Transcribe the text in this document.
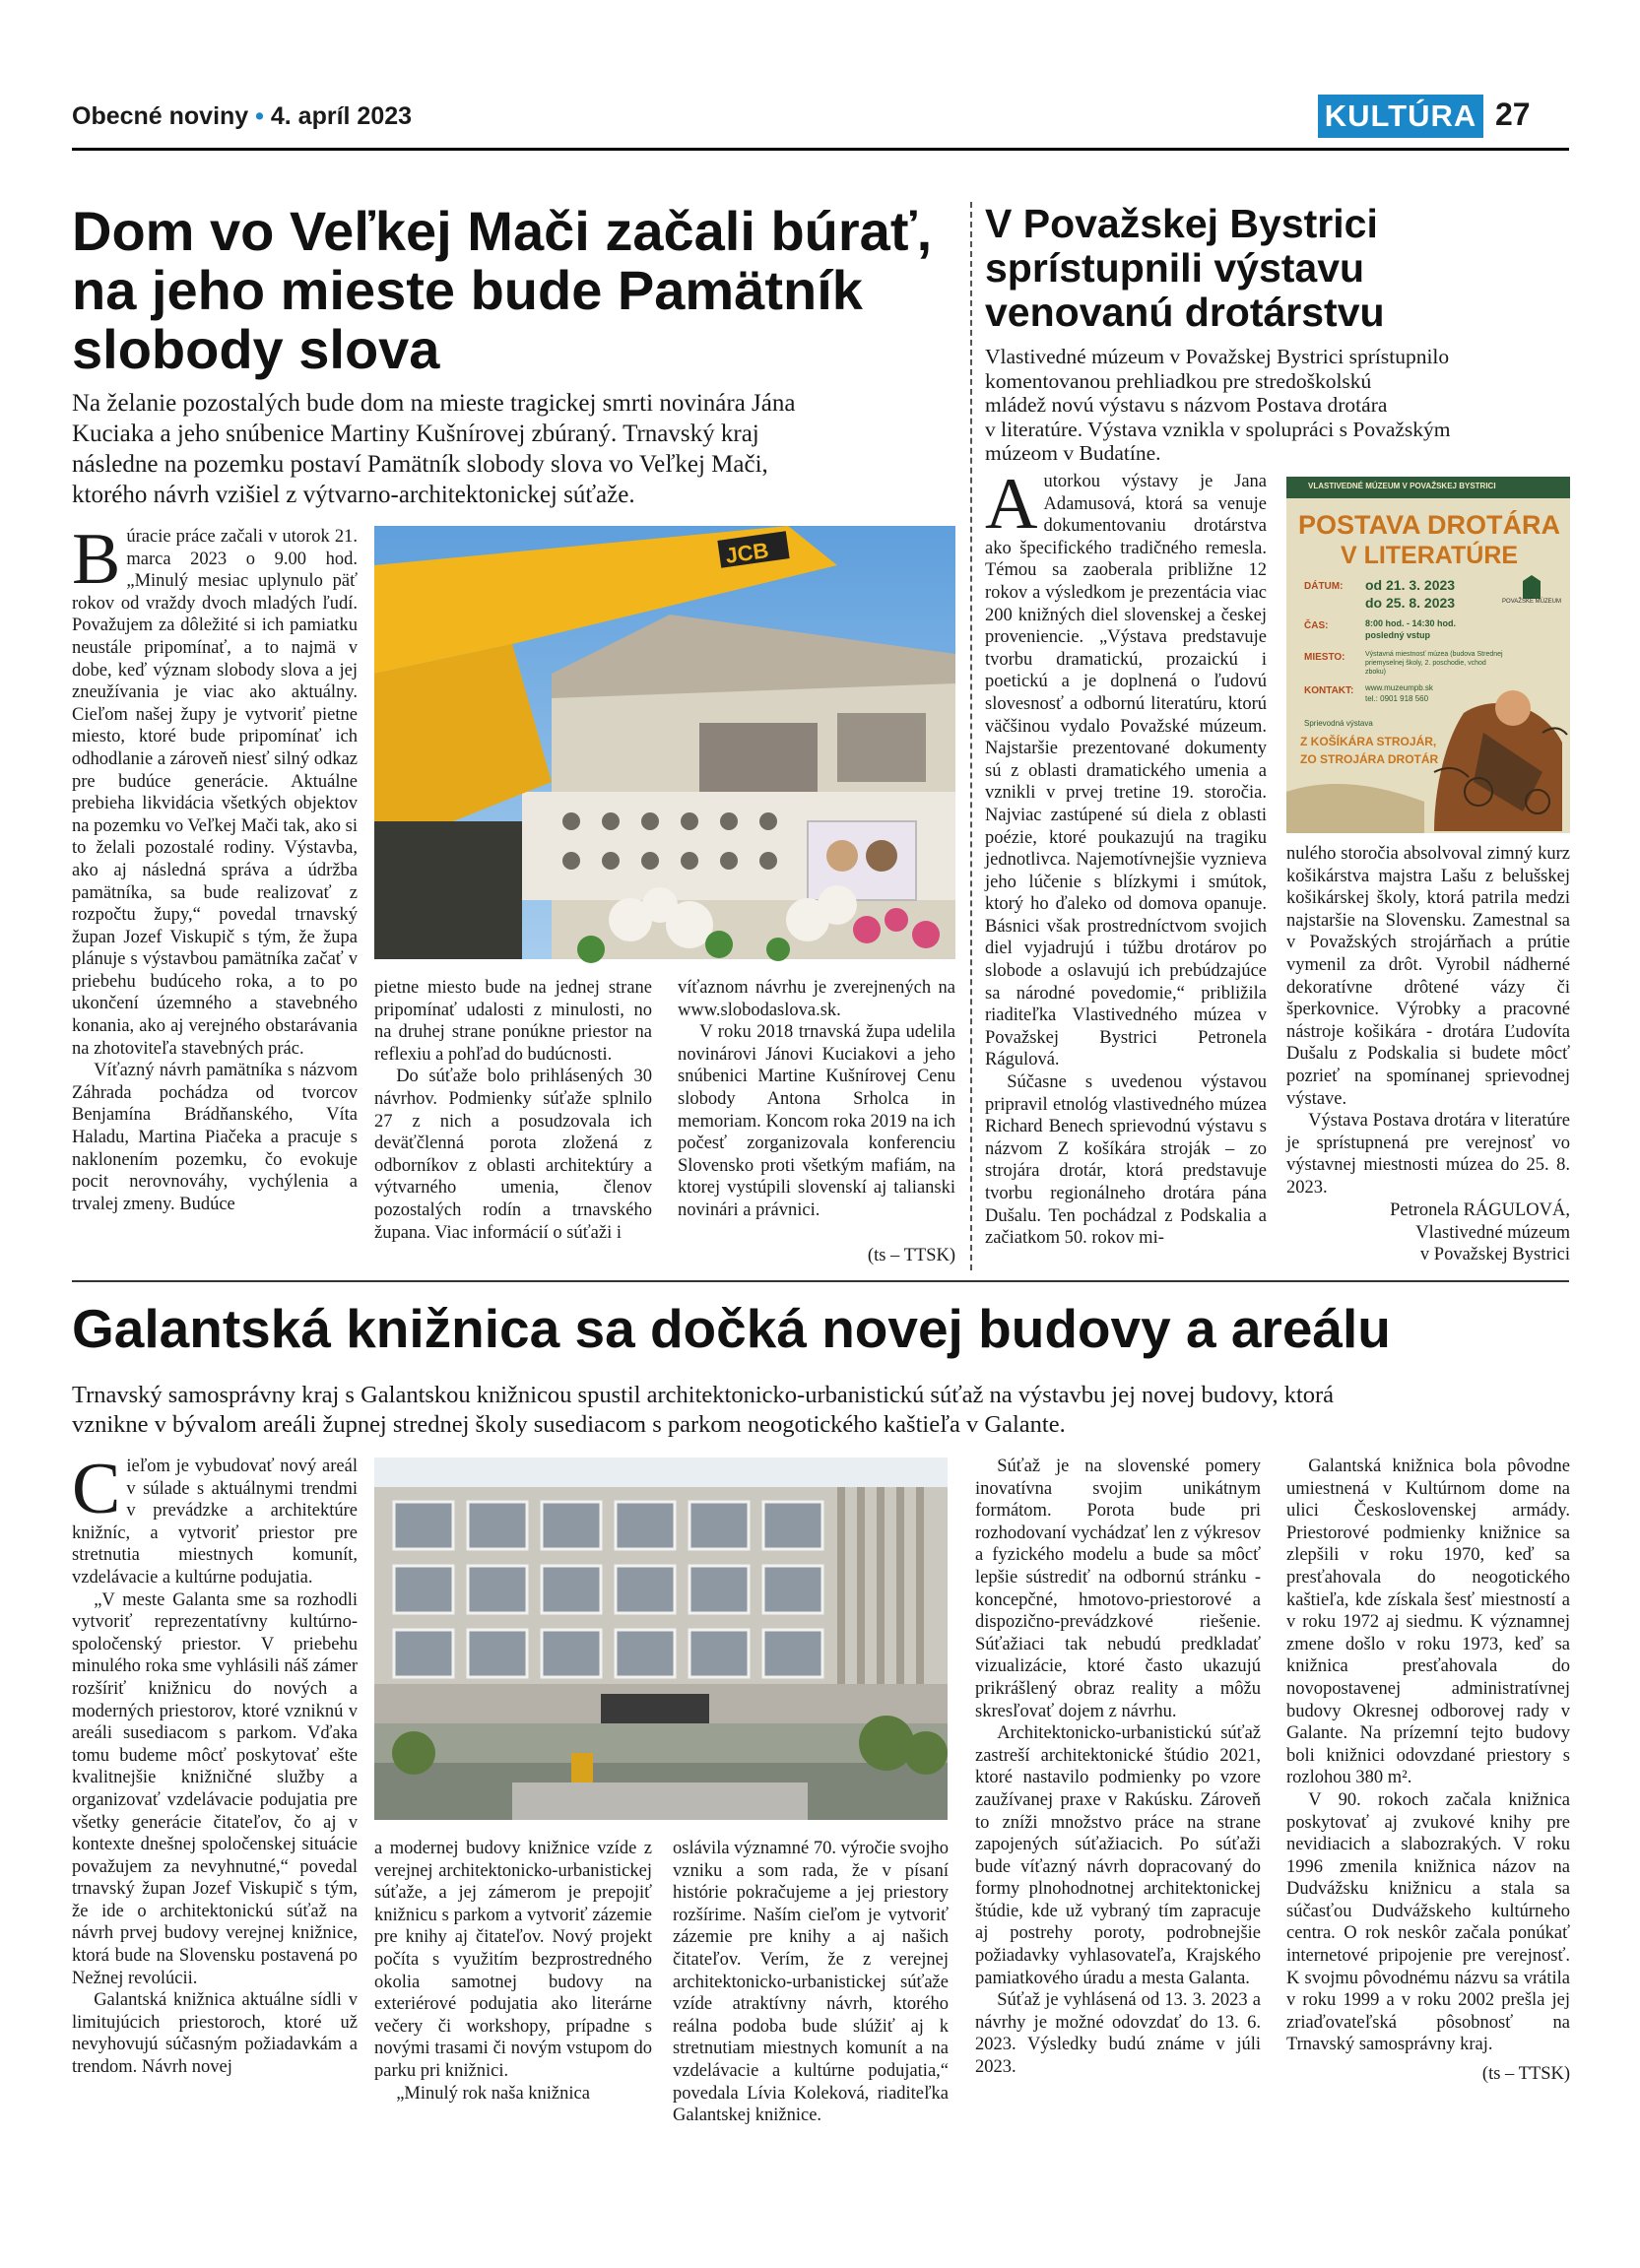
Obecné noviny • 4. apríl 2023	KULTÚRA 27
Dom vo Veľkej Mači začali búrať,
na jeho mieste bude Pamätník
slobody slova
Na želanie pozostalých bude dom na mieste tragickej smrti novinára Jána
Kuciaka a jeho snúbenice Martiny Kušnírovej zbúraný. Trnavský kraj
následne na pozemku postaví Pamätník slobody slova vo Veľkej Mači,
ktorého návrh vzišiel z výtvarno-architektonickej súťaže.

Búracie práce začali v utorok 21. marca 2023 o 9.00 hod. „Minulý mesiac uplynulo päť rokov od vraždy dvoch mladých ľudí. Považujem za dôležité si ich pamiatku neustále pripomínať, a to najmä v dobe, keď význam slobody slova a jej zneužívania je viac ako aktuálny. Cieľom našej župy je vytvoriť pietne miesto, ktoré bude pripomínať ich odhodlanie a zároveň niesť silný odkaz pre budúce generácie. Aktuálne prebieha likvidácia všetkých objektov na pozemku vo Veľkej Mači tak, ako si to želali pozostalé rodiny. Výstavba, ako aj následná správa a údržba pamätníka, sa bude realizovať z rozpočtu župy,“ povedal trnavský župan Jozef Viskupič s tým, že župa plánuje s výstavbou pamätníka začať v priebehu budúceho roka, a to po ukončení územného a stavebného konania, ako aj verejného obstarávania na zhotoviteľa stavebných prác.

Víťazný návrh pamätníka s názvom Záhrada pochádza od tvorcov Benjamína Brádňanského, Víta Haladu, Martina Piačeka a pracuje s naklonením pozemku, čo evokuje pocit nerovnováhy, vychýlenia a trvalej zmeny. Budúce

JCB

pietne miesto bude na jednej strane pripomínať udalosti z minulosti, no na druhej strane ponúkne priestor na reflexiu a pohľad do budúcnosti.

Do súťaže bolo prihlásených 30 návrhov. Podmienky súťaže splnilo 27 z nich a posudzovala ich deväťčlenná porota zložená z odborníkov z oblasti architektúry a výtvarného umenia, členov pozostalých rodín a trnavského župana. Viac informácií o súťaži i

víťaznom návrhu je zverejnených na www.slobodaslova.sk.

V roku 2018 trnavská župa udelila novinárovi Jánovi Kuciakovi a jeho snúbenici Martine Kušnírovej Cenu slobody Antona Srholca in memoriam. Koncom roka 2019 na ich počesť zorganizovala konferenciu Slovensko proti všetkým mafiám, na ktorej vystúpili slovenskí aj talianski novinári a právnici.

(ts – TTSK)
V Považskej Bystrici
sprístupnili výstavu
venovanú drotárstvu
Vlastivedné múzeum v Považskej Bystrici sprístupnilo
komentovanou prehliadkou pre stredoškolskú
mládež novú výstavu s názvom Postava drotára
v literatúre. Výstava vznikla v spolupráci s Považským
múzeom v Budatíne.

Autorkou výstavy je Jana Adamusová, ktorá sa venuje dokumentovaniu drotárstva ako špecifického tradičného remesla. Témou sa zaoberala približne 12 rokov a výsledkom je prezentácia viac 200 knižných diel slovenskej a českej proveniencie. „Výstava predstavuje tvorbu dramatickú, prozaickú i poetickú a je doplnená o ľudovú slovesnosť a odbornú literatúru, ktorú väčšinou vydalo Považské múzeum. Najstaršie prezentované dokumenty sú z oblasti dramatického umenia a vznikli v prvej tretine 19. storočia. Najviac zastúpené sú diela z oblasti poézie, ktoré poukazujú na tragiku jednotlivca. Najemotívnejšie vyznieva jeho lúčenie s blízkymi i smútok, ktorý ho ďaleko od domova opanuje. Básnici však prostredníctvom svojich diel vyjadrujú i túžbu drotárov po slobode a oslavujú ich prebúdzajúce sa národné povedomie,“ približila riaditeľka Vlastivedného múzea v Považskej Bystrici Petronela Rágulová.

Súčasne s uvedenou výstavou pripravil etnológ vlastivedného múzea Richard Benech sprievodnú výstavu s názvom Z košíkára stroják – zo strojára drotár, ktorá predstavuje tvorbu regionálneho drotára pána Dušalu. Ten pochádzal z Podskalia a začiatkom 50. rokov mi-

VLASTIVEDNÉ MÚZEUM V POVAŽSKEJ BYSTRICI
POSTAVA DROTÁRA
V LITERATÚRE
DÁTUM: od 21. 3. 2023
do 25. 8. 2023	POVAŽSKÉ MÚZEUM
ČAS:	8:00 hod. - 14:30 hod.
posledný vstup
MIESTO:	Výstavná miestnosť múzea (budova Strednej priemyselnej školy, 2. poschodie, vchod zboku)
KONTAKT: www.muzeumpb.sk
tel.: 0901 918 560
Sprievodná výstava
Z KOŠÍKÁRA STROJÁR,
ZO STROJÁRA DROTÁR

nulého storočia absolvoval zimný kurz košikárstva majstra Lašu z belušskej košikárskej školy, ktorá patrila medzi najstaršie na Slovensku. Zamestnal sa v Považských strojárňach a prútie vymenil za drôt. Vyrobil nádherné dekoratívne drôtené vázy či šperkovnice. Výrobky a pracovné nástroje košikára - drotára Ľudovíta Dušalu z Podskalia si budete môcť pozrieť na spomínanej sprievodnej výstave.

Výstava Postava drotára v literatúre je sprístupnená pre verejnosť vo výstavnej miestnosti múzea do 25. 8. 2023.

Petronela RÁGULOVÁ,
Vlastivedné múzeum
v Považskej Bystrici
Galantská knižnica sa dočká novej budovy a areálu
Trnavský samosprávny kraj s Galantskou knižnicou spustil architektonicko-urbanistickú súťaž na výstavbu jej novej budovy, ktorá
vznikne v bývalom areáli župnej strednej školy susediacom s parkom neogotického kaštieľa v Galante.

Cieľom je vybudovať nový areál v súlade s aktuálnymi trendmi v prevádzke a architektúre knižníc, a vytvoriť priestor pre stretnutia miestnych komunít, vzdelávacie a kultúrne podujatia.

„V meste Galanta sme sa rozhodli vytvoriť reprezentatívny kultúrno-spoločenský priestor. V priebehu minulého roka sme vyhlásili náš zámer rozšíriť knižnicu do nových a moderných priestorov, ktoré vzniknú v areáli susediacom s parkom. Vďaka tomu budeme môcť poskytovať ešte kvalitnejšie knižničné služby a organizovať vzdelávacie podujatia pre všetky generácie čitateľov, čo aj v kontexte dnešnej spoločenskej situácie považujem za nevyhnutné,“ povedal trnavský župan Jozef Viskupič s tým, že ide o architektonickú súťaž na návrh prvej budovy verejnej knižnice, ktorá bude na Slovensku postavená po Nežnej revolúcii.

Galantská knižnica aktuálne sídli v limitujúcich priestoroch, ktoré už nevyhovujú súčasným požiadavkám a trendom. Návrh novej

a modernej budovy knižnice vzíde z verejnej architektonicko-urbanistickej súťaže, a jej zámerom je prepojiť knižnicu s parkom a vytvoriť zázemie pre knihy aj čitateľov. Nový projekt počíta s využitím bezprostredného okolia samotnej budovy na exteriérové podujatia ako literárne večery či workshopy, prípadne s novými trasami či novým vstupom do parku pri knižnici.

„Minulý rok naša knižnica

oslávila významné 70. výročie svojho vzniku a som rada, že v písaní histórie pokračujeme a jej priestory rozšírime. Naším cieľom je vytvoriť zázemie pre knihy a aj našich čitateľov. Verím, že z verejnej architektonicko-urbanistickej súťaže vzíde atraktívny návrh, ktorého reálna podoba bude slúžiť aj k stretnutiam miestnych komunít a na vzdelávacie a kultúrne podujatia,“ povedala Lívia Koleková, riaditeľka Galantskej knižnice.

Súťaž je na slovenské pomery inovatívna svojim unikátnym formátom. Porota bude pri rozhodovaní vychádzať len z výkresov a fyzického modelu a bude sa môcť lepšie sústrediť na odbornú stránku - koncepčné, hmotovo-priestorové a dispozično-prevádzkové riešenie. Súťažiaci tak nebudú predkladať vizualizácie, ktoré často ukazujú prikrášlený obraz reality a môžu skresľovať dojem z návrhu.

Architektonicko-urbanistickú súťaž zastreší architektonické štúdio 2021, ktoré nastavilo podmienky po vzore zaužívanej praxe v Rakúsku. Zároveň to zníži množstvo práce na strane zapojených súťažiacich. Po súťaži bude víťazný návrh dopracovaný do formy plnohodnotnej architektonickej štúdie, kde už vybraný tím zapracuje aj postrehy poroty, podrobnejšie požiadavky vyhlasovateľa, Krajského pamiatkového úradu a mesta Galanta.

Súťaž je vyhlásená od 13. 3. 2023 a návrhy je možné odovzdať do 13. 6. 2023. Výsledky budú známe v júli 2023.

Galantská knižnica bola pôvodne umiestnená v Kultúrnom dome na ulici Československej armády. Priestorové podmienky knižnice sa zlepšili v roku 1970, keď sa presťahovala do neogotického kaštieľa, kde získala šesť miestností a v roku 1972 aj siedmu. K významnej zmene došlo v roku 1973, keď sa knižnica presťahovala do novopostavenej administratívnej budovy Okresnej odborovej rady v Galante. Na prízemní tejto budovy boli knižnici odovzdané priestory s rozlohou 380 m².

V 90. rokoch začala knižnica poskytovať aj zvukové knihy pre nevidiacich a slabozrakých. V roku 1996 zmenila knižnica názov na Dudvážsku knižnicu a stala sa súčasťou Dudvážskeho kultúrneho centra. O rok neskôr začala ponúkať internetové pripojenie pre verejnosť. K svojmu pôvodnému názvu sa vrátila v roku 1999 a v roku 2002 prešla jej zriaďovateľská pôsobnosť na Trnavský samosprávny kraj.

(ts – TTSK)
